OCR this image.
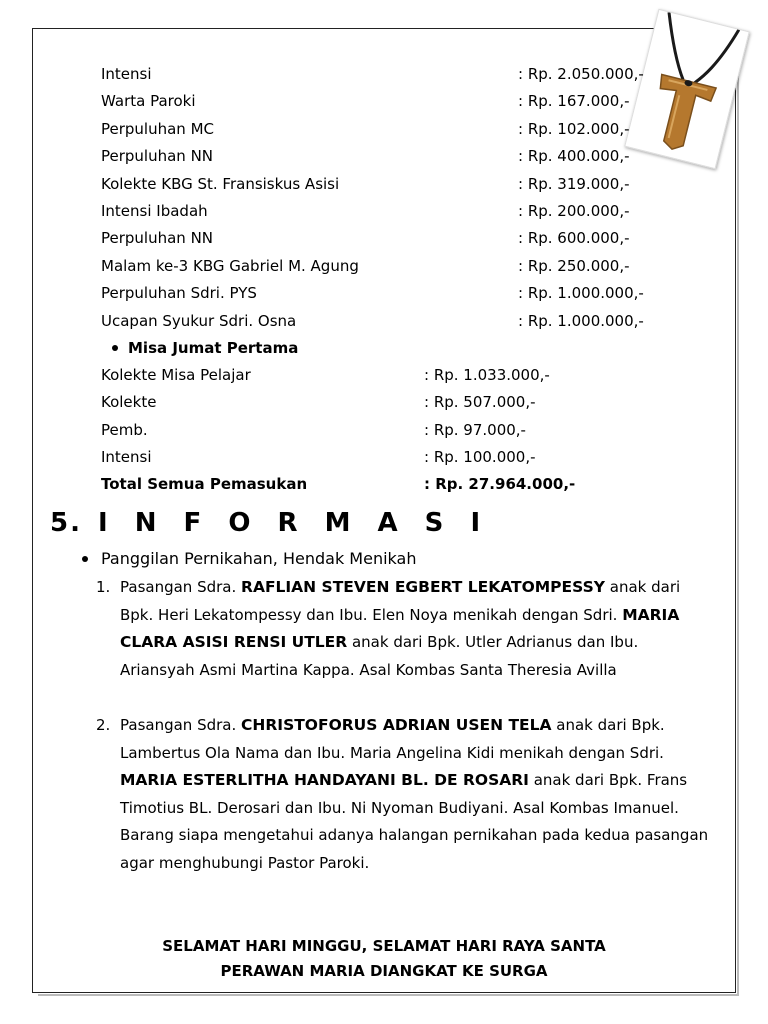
Intensi	: Rp. 2.050.000,-
Warta Paroki	: Rp. 167.000,-
Perpuluhan MC	: Rp. 102.000,-
Perpuluhan NN	: Rp. 400.000,-
Kolekte KBG St. Fransiskus Asisi	: Rp. 319.000,-
Intensi Ibadah	: Rp. 200.000,-
Perpuluhan NN	: Rp. 600.000,-
Malam ke-3 KBG Gabriel M. Agung	: Rp. 250.000,-
Perpuluhan Sdri. PYS	: Rp. 1.000.000,-
Ucapan Syukur Sdri. Osna	: Rp. 1.000.000,-
Misa Jumat Pertama
Kolekte Misa Pelajar	: Rp. 1.033.000,-
Kolekte	: Rp. 507.000,-
Pemb.	: Rp. 97.000,-
Intensi	: Rp. 100.000,-
Total Semua Pemasukan	: Rp. 27.964.000,-
5. I N F O R M A S I
Panggilan Pernikahan, Hendak Menikah
1. Pasangan Sdra. RAFLIAN STEVEN EGBERT LEKATOMPESSY anak dari Bpk. Heri Lekatompessy dan Ibu. Elen Noya menikah dengan Sdri. MARIA CLARA ASISI RENSI UTLER anak dari Bpk. Utler Adrianus dan Ibu. Ariansyah Asmi Martina Kappa. Asal Kombas Santa Theresia Avilla
2. Pasangan Sdra. CHRISTOFORUS ADRIAN USEN TELA anak dari Bpk. Lambertus Ola Nama dan Ibu. Maria Angelina Kidi menikah dengan Sdri. MARIA ESTERLITHA HANDAYANI BL. DE ROSARI anak dari Bpk. Frans Timotius BL. Derosari dan Ibu. Ni Nyoman Budiyani. Asal Kombas Imanuel.
Barang siapa mengetahui adanya halangan pernikahan pada kedua pasangan agar menghubungi Pastor Paroki.
SELAMAT HARI MINGGU, SELAMAT HARI RAYA SANTA
PERAWAN MARIA DIANGKAT KE SURGA
